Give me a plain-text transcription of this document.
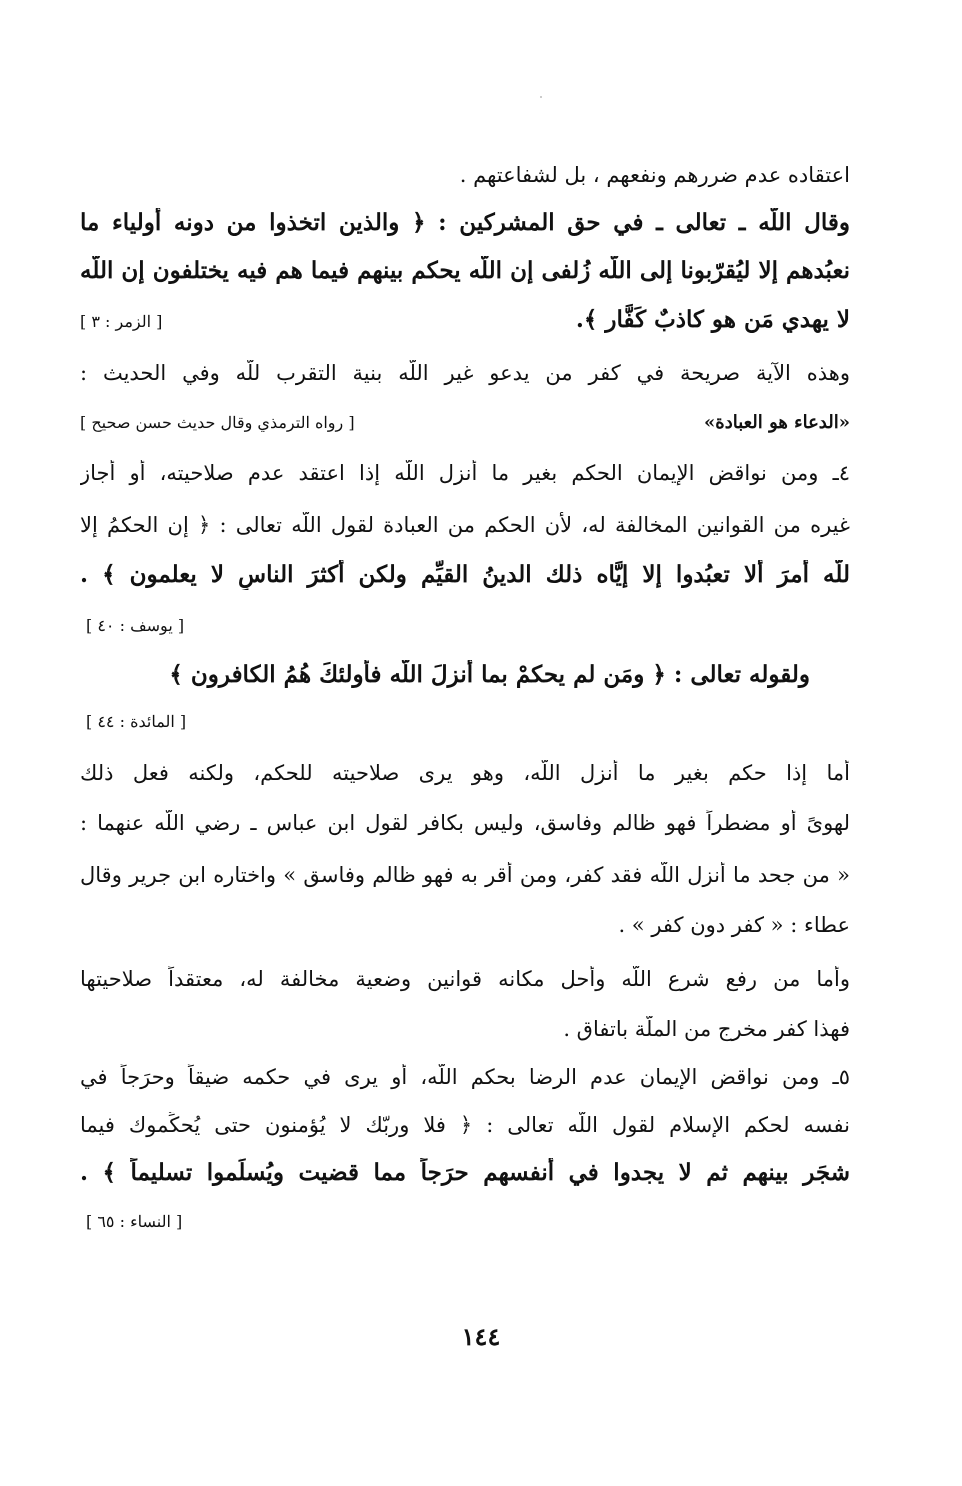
اعتقاده عدم ضررهم ونفعهم ، بل لشفاعتهم .
وقال اللّه ـ تعالى ـ في حق المشركين : ﴿ والذين اتخذوا من دونه أولياء ما
نعبُدهم إلا ليُقرّبونا إلى اللّه زُلفى إن اللّه يحكم بينهم فيما هم فيه يختلفون إن اللّه
لا يهدي مَن هو كاذبٌ كَفَّار ﴾.
[ الزمر : ٣ ]
وهذه الآية صريحة في كفر من يدعو غير اللّه بنية التقرب للّه وفي الحديث :
«الدعاء هو العبادة»
[ رواه الترمذي وقال حديث حسن صحيح ]
٤ـ ومن نواقض الإيمان الحكم بغير ما أنزل اللّه إذا اعتقد عدم صلاحيته، أو أجاز
غيره من القوانين المخالفة له، لأن الحكم من العبادة لقول اللّه تعالى : ﴿ إن الحكمُ إلا
للّه أمرَ ألا تعبُدوا إلا إيَّاه ذلك الدينُ القيِّم ولكن أكثرَ الناسِ لا يعلمون ﴾ .
[ يوسف : ٤٠ ]
ولقوله تعالى : ﴿ ومَن لم يحكمْ بما أنزلَ اللّه فأولئكَ هُمُ الكافرون ﴾
[ المائدة : ٤٤ ]
أما إذا حكم بغير ما أنزل اللّه، وهو يرى صلاحيته للحكم، ولكنه فعل ذلك
لهوىً أو مضطراً فهو ظالم وفاسق، وليس بكافر لقول ابن عباس ـ رضي اللّه عنهما :
« من جحد ما أنزل اللّه فقد كفر، ومن أقر به فهو ظالم وفاسق » واختاره ابن جرير وقال
عطاء : « كفر دون كفر » .
وأما من رفع شرع اللّه وأحل مكانه قوانين وضعية مخالفة له، معتقداً صلاحيتها
فهذا كفر مخرج من الملّة باتفاق .
٥ـ ومن نواقض الإيمان عدم الرضا بحكم اللّه، أو يرى في حكمه ضيقاً وحرَجاً في
نفسه لحكم الإسلام لقول اللّه تعالى : ﴿ فلا وربّك لا يُؤمنون حتى يُحكِّموك فيما
شجَر بينهم ثم لا يجدوا في أنفسهم حرَجاً مما قضيت ويُسلِّموا تسليماً ﴾ .
[ النساء : ٦٥ ]
١٤٤
